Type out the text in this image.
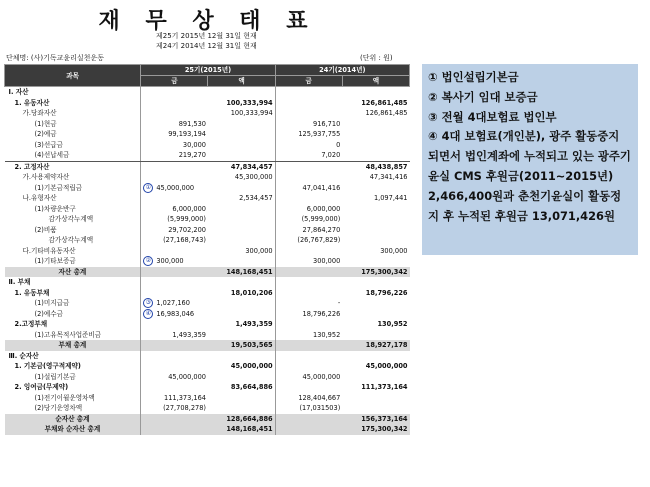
재 무 상 태 표
제25기 2015년 12월 31일 현재
제24기 2014년 12월 31일 현재
단체명: (사)기독교윤리실천운동	(단위 : 원)
과목	25기(2015년)		24기(2014년)	
	금	액	금	액
Ⅰ. 자산				
1. 유동자산		100,333,994		126,861,485
가.당좌자산		100,333,994		126,861,485
(1)현금	891,530		916,710	
(2)예금	99,193,194		125,937,755	
(3)선급금	30,000		0	
(4)선납세금	219,270		7,020	
2. 고정자산		47,834,457		48,438,857
가.사용제약자산		45,300,000		47,341,416
(1)기본금적립금	① 45,000,000		47,041,416	
나.유형자산		2,534,457		1,097,441
(1)차량운반구	6,000,000		6,000,000	
감가상각누계액	(5,999,000)		(5,999,000)	
(2)비품	29,702,200		27,864,270	
감가상각누계액	(27,168,743)		(26,767,829)	
다.기타비유동자산		300,000		300,000
(1)기타보증금	② 300,000		300,000	
자산 총계		148,168,451		175,300,342
Ⅱ. 부채				
1. 유동부채		18,010,206		18,796,226
(1)미지급금	③ 1,027,160		-	
(2)예수금	④ 16,983,046		18,796,226	
2.고정부채		1,493,359		130,952
(1)고유목적사업준비금	1,493,359		130,952	
부채 총계		19,503,565		18,927,178
Ⅲ. 순자산				
1. 기본금(영구적제약)		45,000,000		45,000,000
(1)설립기본금	45,000,000		45,000,000	
2. 잉여금(무제약)		83,664,886		111,373,164
(1)전기이월운영차액	111,373,164		128,404,667	
(2)당기운영차액	(27,708,278)		(17,031503)	
순자산 총계		128,664,886		156,373,164
부채와 순자산 총계		148,168,451		175,300,342
① 법인설립기본금
② 복사기 임대 보증금
③ 전월 4대보험료 법인부
④ 4대 보험료(개인분), 광주 활동중지 되면서 법인계좌에 누적되고 있는 광주기윤실 CMS 후원금(2011~2015년) 2,466,400원과 춘천기윤실이 활동정지 후 누적된 후원금 13,071,426원
